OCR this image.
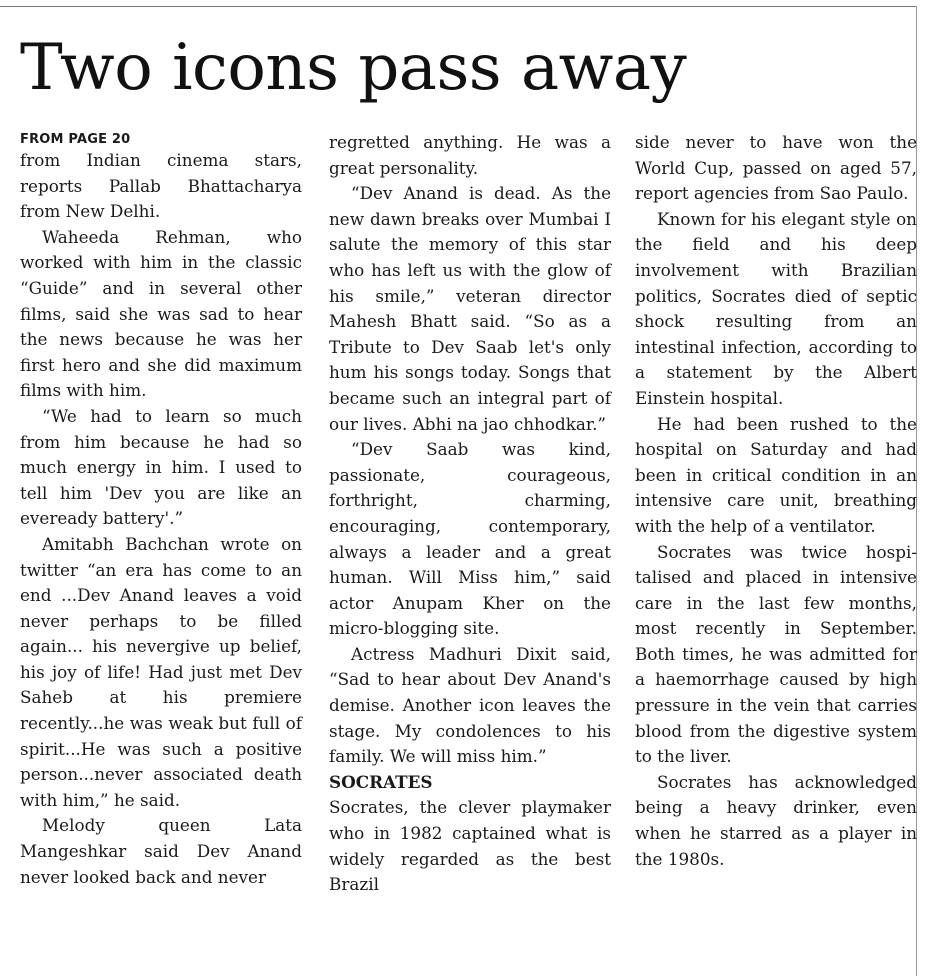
Two icons pass away
FROM PAGE 20

from Indian cinema stars, reports Pallab Bhattacharya from New Delhi.

Waheeda Rehman, who worked with him in the classic “Guide” and in several other films, said she was sad to hear the news because he was her first hero and she did maximum films with him.

“We had to learn so much from him because he had so much energy in him. I used to tell him 'Dev you are like an eveready battery'.”

Amitabh Bachchan wrote on twitter “an era has come to an end ...Dev Anand leaves a void never perhaps to be filled again... his nevergive up belief, his joy of life! Had just met Dev Saheb at his premiere recently...he was weak but full of spirit...He was such a positive person...never associated death with him,” he said.

Melody queen Lata Mangeshkar said Dev Anand never looked back and never

regretted anything. He was a great personality.

“Dev Anand is dead. As the new dawn breaks over Mumbai I salute the memory of this star who has left us with the glow of his smile,” veteran director Mahesh Bhatt said. “So as a Tribute to Dev Saab let's only hum his songs today. Songs that became such an integral part of our lives. Abhi na jao chhodkar.”

“Dev Saab was kind, passionate, courageous, forthright, charming, encouraging, contemporary, always a leader and a great human. Will Miss him,” said actor Anupam Kher on the micro-blogging site.

Actress Madhuri Dixit said, “Sad to hear about Dev Anand's demise. Another icon leaves the stage. My condolences to his family. We will miss him.”

SOCRATES

Socrates, the clever playmaker who in 1982 captained what is widely regarded as the best Brazil

side never to have won the World Cup, passed on aged 57, report agencies from Sao Paulo.

Known for his elegant style on the field and his deep involvement with Brazilian politics, Socrates died of septic shock resulting from an intestinal infection, according to a statement by the Albert Einstein hospital.

He had been rushed to the hospital on Saturday and had been in critical condition in an intensive care unit, breathing with the help of a ventilator.

Socrates was twice hospitalised and placed in intensive care in the last few months, most recently in September. Both times, he was admitted for a haemorrhage caused by high pressure in the vein that carries blood from the digestive system to the liver.

Socrates has acknowledged being a heavy drinker, even when he starred as a player in the 1980s.
